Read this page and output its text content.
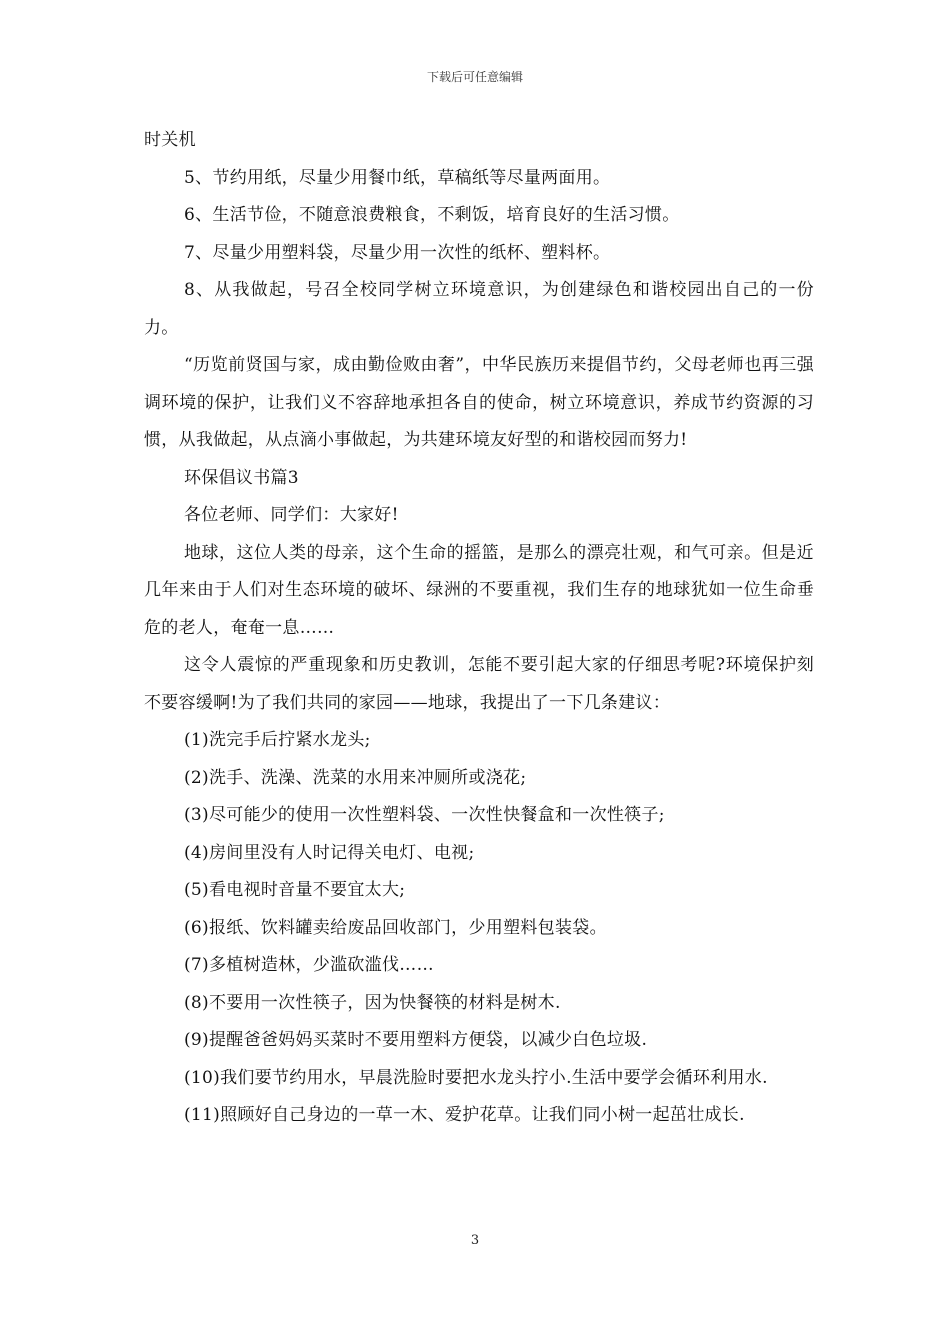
下载后可任意编辑

时关机

5、节约用纸，尽量少用餐巾纸，草稿纸等尽量两面用。

6、生活节俭，不随意浪费粮食，不剩饭，培育良好的生活习惯。

7、尽量少用塑料袋，尽量少用一次性的纸杯、塑料杯。

8、从我做起，号召全校同学树立环境意识，为创建绿色和谐校园出自己的一份力。

“历览前贤国与家，成由勤俭败由奢”，中华民族历来提倡节约，父母老师也再三强调环境的保护，让我们义不容辞地承担各自的使命，树立环境意识，养成节约资源的习惯，从我做起，从点滴小事做起，为共建环境友好型的和谐校园而努力!

环保倡议书篇3

各位老师、同学们：大家好!

地球，这位人类的母亲，这个生命的摇篮，是那么的漂亮壮观，和气可亲。但是近几年来由于人们对生态环境的破坏、绿洲的不要重视，我们生存的地球犹如一位生命垂危的老人，奄奄一息……

这令人震惊的严重现象和历史教训，怎能不要引起大家的仔细思考呢?环境保护刻不要容缓啊!为了我们共同的家园——地球，我提出了一下几条建议：

(1)洗完手后拧紧水龙头;

(2)洗手、洗澡、洗菜的水用来冲厕所或浇花;

(3)尽可能少的使用一次性塑料袋、一次性快餐盒和一次性筷子;

(4)房间里没有人时记得关电灯、电视;

(5)看电视时音量不要宜太大;

(6)报纸、饮料罐卖给废品回收部门，少用塑料包装袋。

(7)多植树造林，少滥砍滥伐……

(8)不要用一次性筷子，因为快餐筷的材料是树木.

(9)提醒爸爸妈妈买菜时不要用塑料方便袋，以减少白色垃圾.

(10)我们要节约用水，早晨洗脸时要把水龙头拧小.生活中要学会循环利用水.

(11)照顾好自己身边的一草一木、爱护花草。让我们同小树一起茁壮成长.

3
